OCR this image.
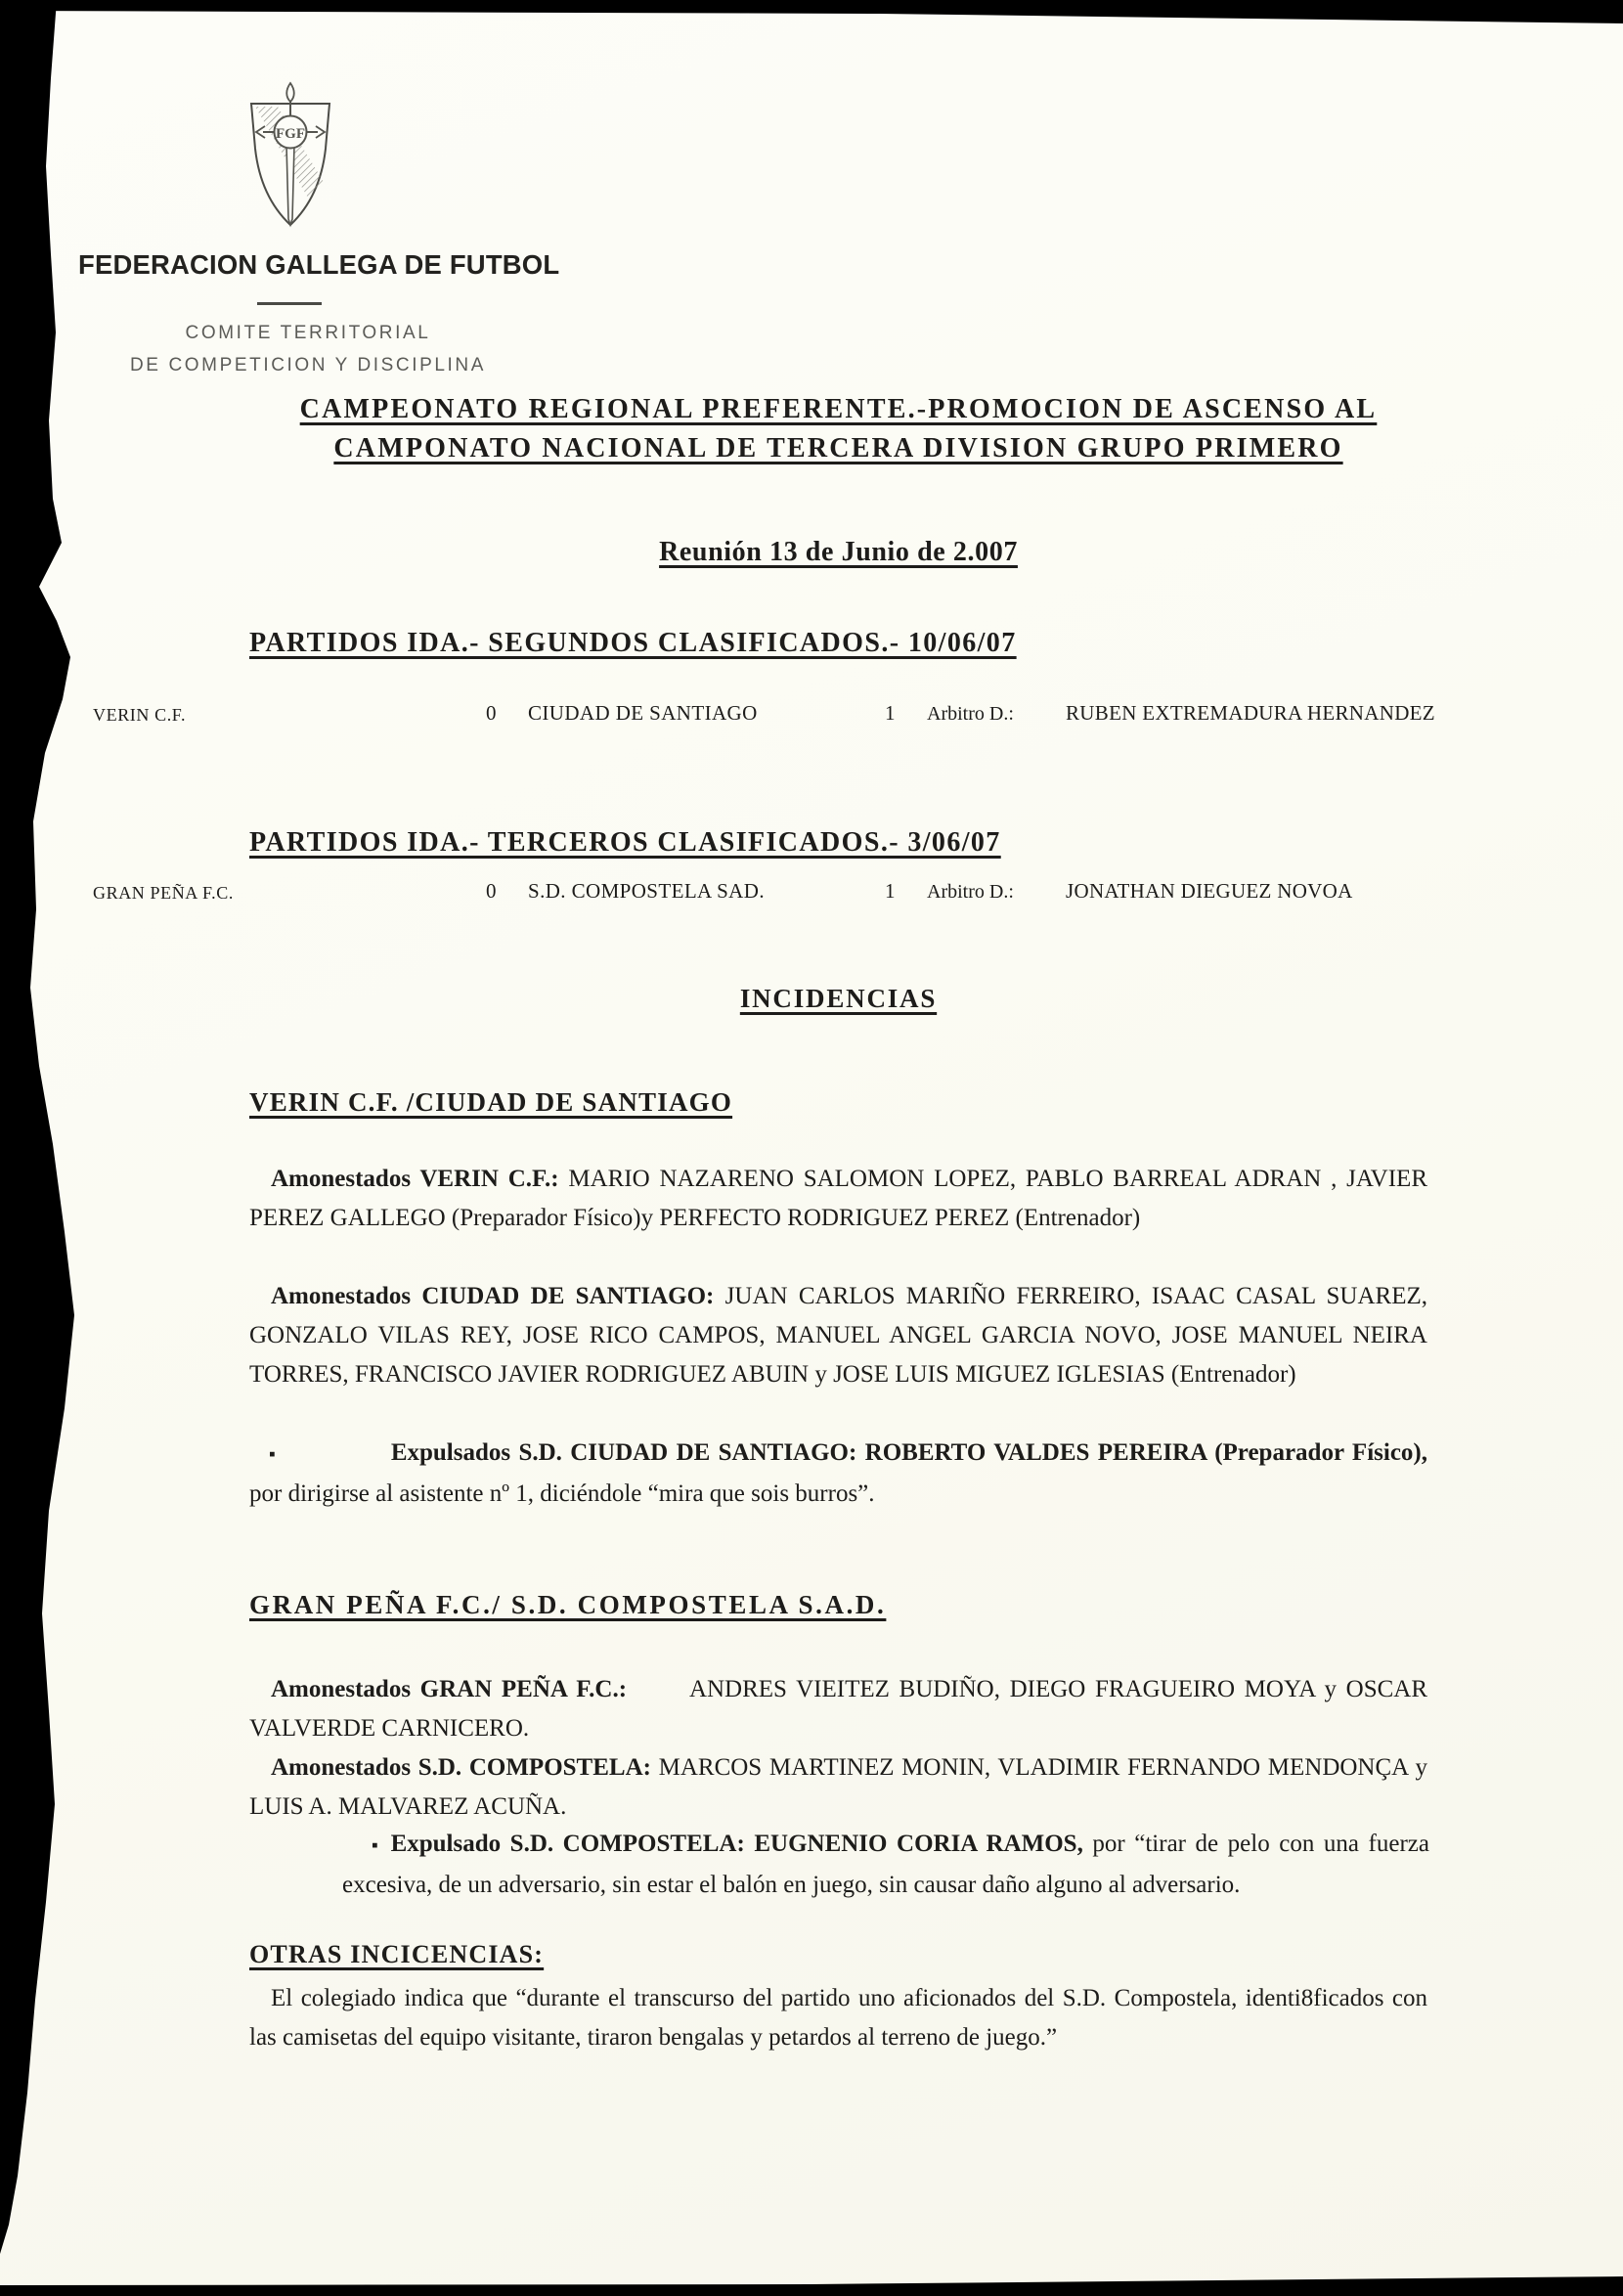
FGF
FEDERACION GALLEGA DE FUTBOL
COMITE TERRITORIAL
DE COMPETICION Y DISCIPLINA
CAMPEONATO REGIONAL PREFERENTE.-PROMOCION DE ASCENSO AL
CAMPONATO NACIONAL DE TERCERA DIVISION GRUPO PRIMERO
Reunión 13 de Junio de 2.007
PARTIDOS IDA.- SEGUNDOS CLASIFICADOS.- 10/06/07
VERIN C.F.	0 CIUDAD DE SANTIAGO	1 Arbitro D.:	RUBEN EXTREMADURA HERNANDEZ
PARTIDOS IDA.- TERCEROS CLASIFICADOS.- 3/06/07
GRAN PEÑA F.C.	0 S.D. COMPOSTELA SAD.	1 Arbitro D.:	JONATHAN DIEGUEZ NOVOA
INCIDENCIAS
VERIN C.F. /CIUDAD DE SANTIAGO

Amonestados VERIN C.F.: MARIO NAZARENO SALOMON LOPEZ, PABLO BARREAL ADRAN , JAVIER PEREZ GALLEGO (Preparador Físico)y PERFECTO RODRIGUEZ PEREZ (Entrenador)

Amonestados CIUDAD DE SANTIAGO: JUAN CARLOS MARIÑO FERREIRO, ISAAC CASAL SUAREZ, GONZALO VILAS REY, JOSE RICO CAMPOS, MANUEL ANGEL GARCIA NOVO, JOSE MANUEL NEIRA TORRES, FRANCISCO JAVIER RODRIGUEZ ABUIN y JOSE LUIS MIGUEZ IGLESIAS (Entrenador)

▪	Expulsados S.D. CIUDAD DE SANTIAGO: ROBERTO VALDES PEREIRA (Preparador Físico), por dirigirse al asistente nº 1, diciéndole “mira que sois burros”.

GRAN PEÑA F.C./ S.D. COMPOSTELA S.A.D.

Amonestados GRAN PEÑA F.C.:	ANDRES VIEITEZ BUDIÑO, DIEGO FRAGUEIRO MOYA y OSCAR VALVERDE CARNICERO.

Amonestados S.D. COMPOSTELA: MARCOS MARTINEZ MONIN, VLADIMIR FERNANDO MENDONÇA y LUIS A. MALVAREZ ACUÑA.

▪ Expulsado S.D. COMPOSTELA: EUGNENIO CORIA RAMOS, por “tirar de pelo con una fuerza excesiva, de un adversario, sin estar el balón en juego, sin causar daño alguno al adversario.

OTRAS INCICENCIAS:

El colegiado indica que “durante el transcurso del partido uno aficionados del S.D. Compostela, identi8ficados con las camisetas del equipo visitante, tiraron bengalas y petardos al terreno de juego.”
